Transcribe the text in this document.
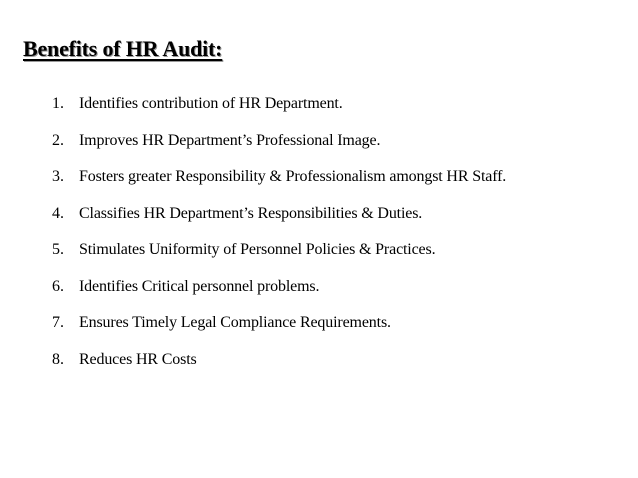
Benefits of HR Audit:
1. Identifies contribution of HR Department.
2. Improves HR Department’s Professional Image.
3. Fosters greater Responsibility & Professionalism amongst HR Staff.
4. Classifies HR Department’s Responsibilities & Duties.
5. Stimulates Uniformity of Personnel Policies & Practices.
6. Identifies Critical personnel problems.
7. Ensures Timely Legal Compliance Requirements.
8. Reduces HR Costs
